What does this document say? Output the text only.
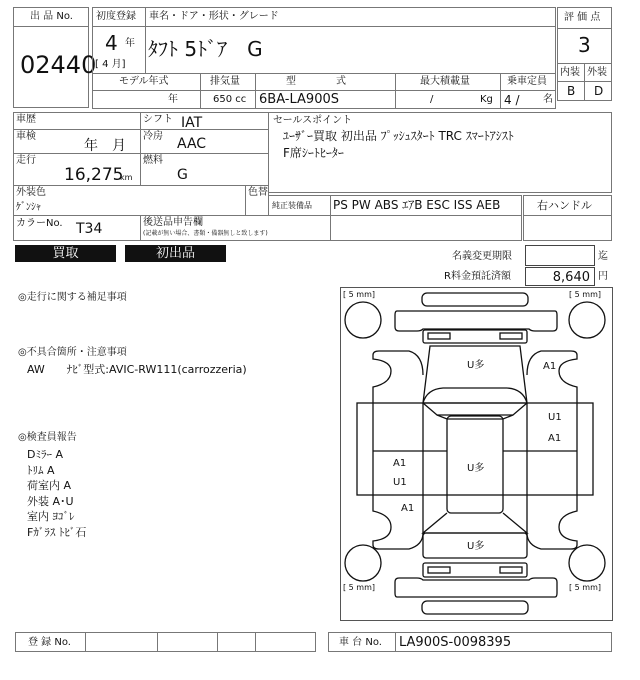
出 品 No.
02440
初度登録
4 年
[ 4 月]
車名・ドア・形状・グレード
ﾀﾌﾄ 5ﾄﾞｱ　G
評 価 点
3
内装 外装
B D
モデル年式
年
排気量
650 cc
型　　　　式
6BA-LA900S
最大積載量
/	Kg
乗車定員
4 / 名
車歴
車検
年　月
走行
16,275
km
シフト IAT
冷房 AAC
燃料
G
外装色
ｹﾞﾝｼｬ
色替
カラーNo. T34	後送品申告欄
(記載が無い場合、書類・備器無しと致します)
セールスポイント
ﾕｰｻﾞｰ買取 初出品 ﾌﾟｯｼｭｽﾀｰﾄ TRC ｽﾏｰﾄｱｼｽﾄ
F席ｼｰﾄﾋｰﾀｰ
純正装備品 PS PW ABS ｴｱB ESC ISS AEB	右ハンドル
買取	初出品	名義変更期限	迄
R料金預託済額	8,640 円
◎走行に関する補足事項
◎不具合箇所・注意事項
AW　　ﾅﾋﾞ型式:AVIC-RW111(carrozzeria)
◎検査員報告
Dﾐﾗｰ A
ﾄﾘﾑ A
荷室内 A
外装 A･U
室内 ﾖｺﾞﾚ
Fｶﾞﾗｽ ﾄﾋﾞ石
[ 5 mm]	[ 5 mm]
[ 5 mm]	[ 5 mm]
U多
U多
U多
A1
U1
A1
A1
U1
A1
登 録 No.	車 台 No. LA900S-0098395
